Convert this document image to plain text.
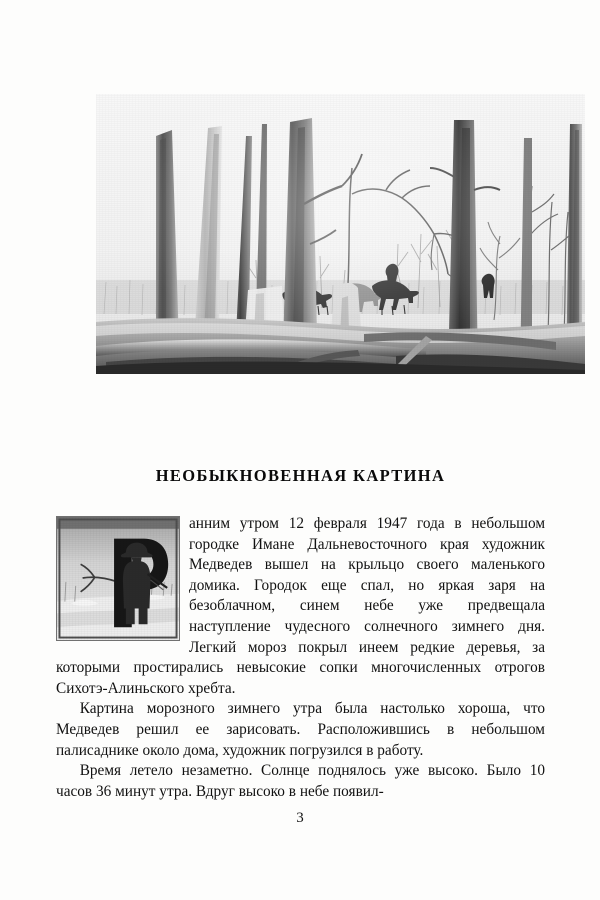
НЕОБЫКНОВЕННАЯ КАРТИНА

анним утром 12 февраля 1947 года в небольшом городке Имане Дальневосточного края художник Медведев вышел на крыльцо своего маленького домика. Городок еще спал, но яркая заря на безоблачном, синем небе уже предвещала наступление чудесного солнечного зимнего дня. Легкий мороз покрыл инеем редкие деревья, за которыми простирались невысокие сопки многочисленных отрогов Сихотэ-Алиньского хребта.

Картина морозного зимнего утра была настолько хороша, что Медведев решил ее зарисовать. Расположившись в небольшом палисаднике около дома, художник погрузился в работу.

Время летело незаметно. Солнце поднялось уже высоко. Было 10 часов 36 минут утра. Вдруг высоко в небе появил-

3
